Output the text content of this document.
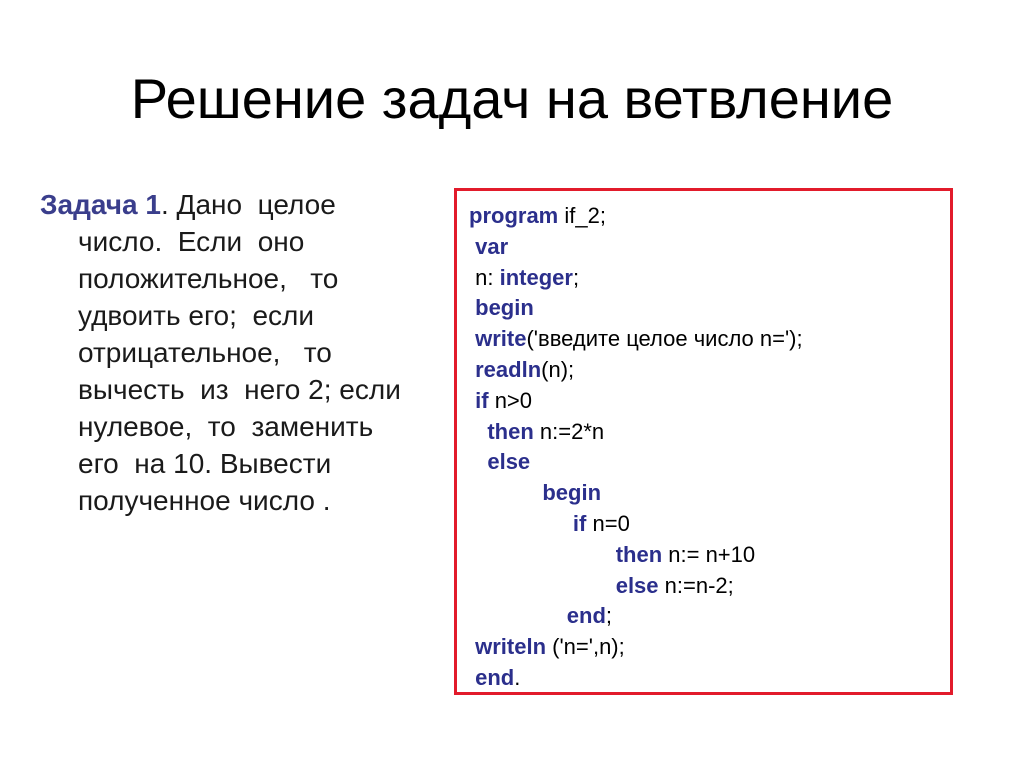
Решение задач на ветвление
Задача 1. Дано  целое
число.  Если  оно
положительное,   то
удвоить его;  если
отрицательное,   то
вычесть  из  него 2; если
нулевое,  то  заменить
его  на 10. Вывести
полученное число .
program if_2;
var
n: integer;
begin
write('введите целое число n=');
readln(n);
if n>0
then n:=2*n
else
begin
if n=0
then n:= n+10
else n:=n-2;
end;
writeln ('n=',n);
end.
